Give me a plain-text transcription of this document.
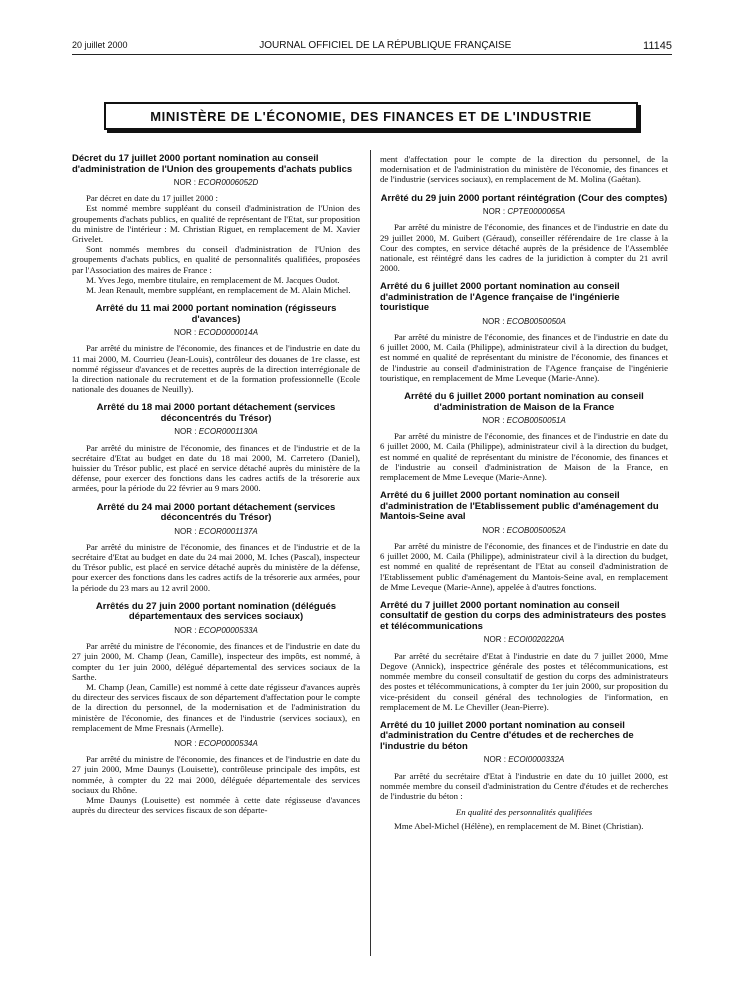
20 juillet 2000	JOURNAL OFFICIEL DE LA RÉPUBLIQUE FRANÇAISE	11145
MINISTÈRE DE L'ÉCONOMIE, DES FINANCES ET DE L'INDUSTRIE
Décret du 17 juillet 2000 portant nomination au conseil d'administration de l'Union des groupements d'achats publics
NOR : ECOR0006052D

Par décret en date du 17 juillet 2000 :

Est nommé membre suppléant du conseil d'administration de l'Union des groupements d'achats publics, en qualité de représentant de l'Etat, sur proposition du ministre de l'intérieur : M. Christian Riguet, en remplacement de M. Xavier Grivelet.

Sont nommés membres du conseil d'administration de l'Union des groupements d'achats publics, en qualité de personnalités qualifiées, proposées par l'Association des maires de France :

M. Yves Jego, membre titulaire, en remplacement de M. Jacques Oudot.

M. Jean Renault, membre suppléant, en remplacement de M. Alain Michel.

Arrêté du 11 mai 2000 portant nomination (régisseurs d'avances)
NOR : ECOD0000014A

Par arrêté du ministre de l'économie, des finances et de l'industrie en date du 11 mai 2000, M. Courrieu (Jean-Louis), contrôleur des douanes de 1re classe, est nommé régisseur d'avances et de recettes auprès de la direction interrégionale de la direction nationale du recrutement et de la formation professionnelle (Ecole nationale des douanes de Neuilly).

Arrêté du 18 mai 2000 portant détachement (services déconcentrés du Trésor)
NOR : ECOR0001130A

Par arrêté du ministre de l'économie, des finances et de l'industrie et de la secrétaire d'Etat au budget en date du 18 mai 2000, M. Carretero (Daniel), huissier du Trésor public, est placé en service détaché auprès du ministère de la défense, pour exercer des fonctions dans les cadres actifs de la trésorerie aux armées, pour la période du 22 février au 9 mars 2000.

Arrêté du 24 mai 2000 portant détachement (services déconcentrés du Trésor)
NOR : ECOR0001137A

Par arrêté du ministre de l'économie, des finances et de l'industrie et de la secrétaire d'Etat au budget en date du 24 mai 2000, M. Iches (Pascal), inspecteur du Trésor public, est placé en service détaché auprès du ministère de la défense, pour exercer des fonctions dans les cadres actifs de la trésorerie aux armées, pour la période du 23 mars au 12 avril 2000.

Arrêtés du 27 juin 2000 portant nomination (délégués départementaux des services sociaux)
NOR : ECOP0000533A

Par arrêté du ministre de l'économie, des finances et de l'industrie en date du 27 juin 2000, M. Champ (Jean, Camille), inspecteur des impôts, est nommé, à compter du 1er juin 2000, délégué départemental des services sociaux de la Sarthe.

M. Champ (Jean, Camille) est nommé à cette date régisseur d'avances auprès du directeur des services fiscaux de son département d'affectation pour le compte de la direction du personnel, de la modernisation et de l'administration du ministère de l'économie, des finances et de l'industrie (services sociaux), en remplacement de Mme Fresnais (Armelle).

NOR : ECOP0000534A

Par arrêté du ministre de l'économie, des finances et de l'industrie en date du 27 juin 2000, Mme Daunys (Louisette), contrôleuse principale des impôts, est nommée, à compter du 22 mai 2000, déléguée départementale des services sociaux du Rhône.

Mme Daunys (Louisette) est nommée à cette date régisseuse d'avances auprès du directeur des services fiscaux de son départe-

ment d'affectation pour le compte de la direction du personnel, de la modernisation et de l'administration du ministère de l'économie, des finances et de l'industrie (services sociaux), en remplacement de M. Molina (Gaétan).

Arrêté du 29 juin 2000 portant réintégration (Cour des comptes)
NOR : CPTE0000065A

Par arrêté du ministre de l'économie, des finances et de l'industrie en date du 29 juillet 2000, M. Guibert (Géraud), conseiller référendaire de 1re classe à la Cour des comptes, en service détaché auprès de la présidence de l'Assemblée nationale, est réintégré dans les cadres de la juridiction à compter du 21 avril 2000.

Arrêté du 6 juillet 2000 portant nomination au conseil d'administration de l'Agence française de l'ingénierie touristique
NOR : ECOB0050050A

Par arrêté du ministre de l'économie, des finances et de l'industrie en date du 6 juillet 2000, M. Caila (Philippe), administrateur civil à la direction du budget, est nommé en qualité de représentant du ministre de l'économie, des finances et de l'industrie au conseil d'administration de l'Agence française de l'ingénierie touristique, en remplacement de Mme Leveque (Marie-Anne).

Arrêté du 6 juillet 2000 portant nomination au conseil d'administration de Maison de la France
NOR : ECOB0050051A

Par arrêté du ministre de l'économie, des finances et de l'industrie en date du 6 juillet 2000, M. Caila (Philippe), administrateur civil à la direction du budget, est nommé en qualité de représentant du ministre de l'économie, des finances et de l'industrie au conseil d'administration de Maison de la France, en remplacement de Mme Leveque (Marie-Anne).

Arrêté du 6 juillet 2000 portant nomination au conseil d'administration de l'Etablissement public d'aménagement du Mantois-Seine aval
NOR : ECOB0050052A

Par arrêté du ministre de l'économie, des finances et de l'industrie en date du 6 juillet 2000, M. Caila (Philippe), administrateur civil à la direction du budget, est nommé en qualité de représentant de l'Etat au conseil d'administration de l'Etablissement public d'aménagement du Mantois-Seine aval, en remplacement de Mme Leveque (Marie-Anne), appelée à d'autres fonctions.

Arrêté du 7 juillet 2000 portant nomination au conseil consultatif de gestion du corps des administrateurs des postes et télécommunications
NOR : ECOI0020220A

Par arrêté du secrétaire d'Etat à l'industrie en date du 7 juillet 2000, Mme Degove (Annick), inspectrice générale des postes et télécommunications, est nommée membre du conseil consultatif de gestion du corps des administrateurs des postes et télécommunications, à compter du 1er juin 2000, sur proposition du vice-président du conseil général des technologies de l'information, en remplacement de M. Le Cheviller (Jean-Pierre).

Arrêté du 10 juillet 2000 portant nomination au conseil d'administration du Centre d'études et de recherches de l'industrie du béton
NOR : ECOI0000332A

Par arrêté du secrétaire d'Etat à l'industrie en date du 10 juillet 2000, est nommée membre du conseil d'administration du Centre d'études et de recherches de l'industrie du béton :

En qualité des personnalités qualifiées

Mme Abel-Michel (Hélène), en remplacement de M. Binet (Christian).
